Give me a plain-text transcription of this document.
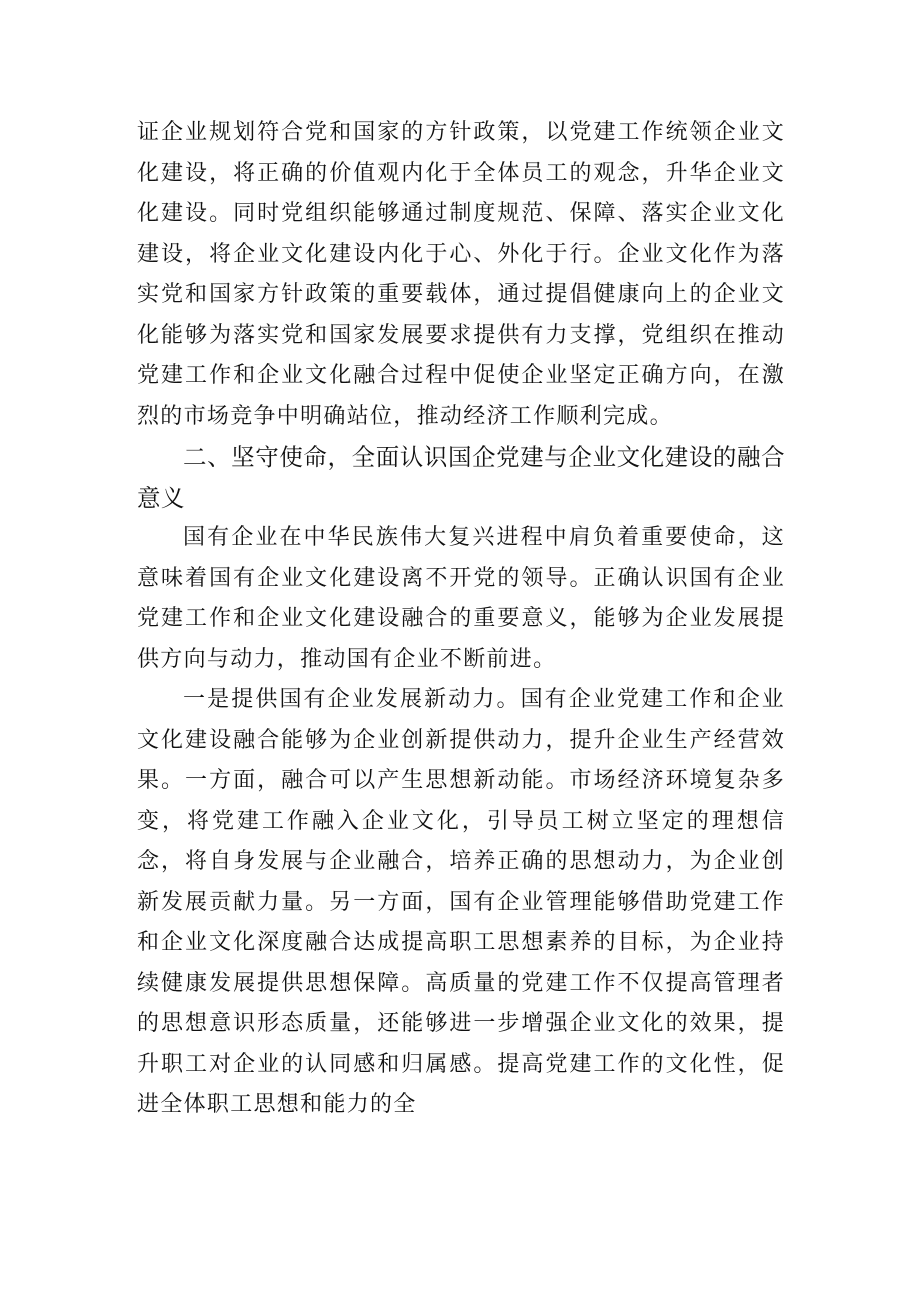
证企业规划符合党和国家的方针政策，以党建工作统领企业文化建设，将正确的价值观内化于全体员工的观念，升华企业文化建设。同时党组织能够通过制度规范、保障、落实企业文化建设，将企业文化建设内化于心、外化于行。企业文化作为落实党和国家方针政策的重要载体，通过提倡健康向上的企业文化能够为落实党和国家发展要求提供有力支撑，党组织在推动党建工作和企业文化融合过程中促使企业坚定正确方向，在激烈的市场竞争中明确站位，推动经济工作顺利完成。

二、坚守使命，全面认识国企党建与企业文化建设的融合意义

国有企业在中华民族伟大复兴进程中肩负着重要使命，这意味着国有企业文化建设离不开党的领导。正确认识国有企业党建工作和企业文化建设融合的重要意义，能够为企业发展提供方向与动力，推动国有企业不断前进。

一是提供国有企业发展新动力。国有企业党建工作和企业文化建设融合能够为企业创新提供动力，提升企业生产经营效果。一方面，融合可以产生思想新动能。市场经济环境复杂多变，将党建工作融入企业文化，引导员工树立坚定的理想信念，将自身发展与企业融合，培养正确的思想动力，为企业创新发展贡献力量。另一方面，国有企业管理能够借助党建工作和企业文化深度融合达成提高职工思想素养的目标，为企业持续健康发展提供思想保障。高质量的党建工作不仅提高管理者的思想意识形态质量，还能够进一步增强企业文化的效果，提升职工对企业的认同感和归属感。提高党建工作的文化性，促进全体职工思想和能力的全
